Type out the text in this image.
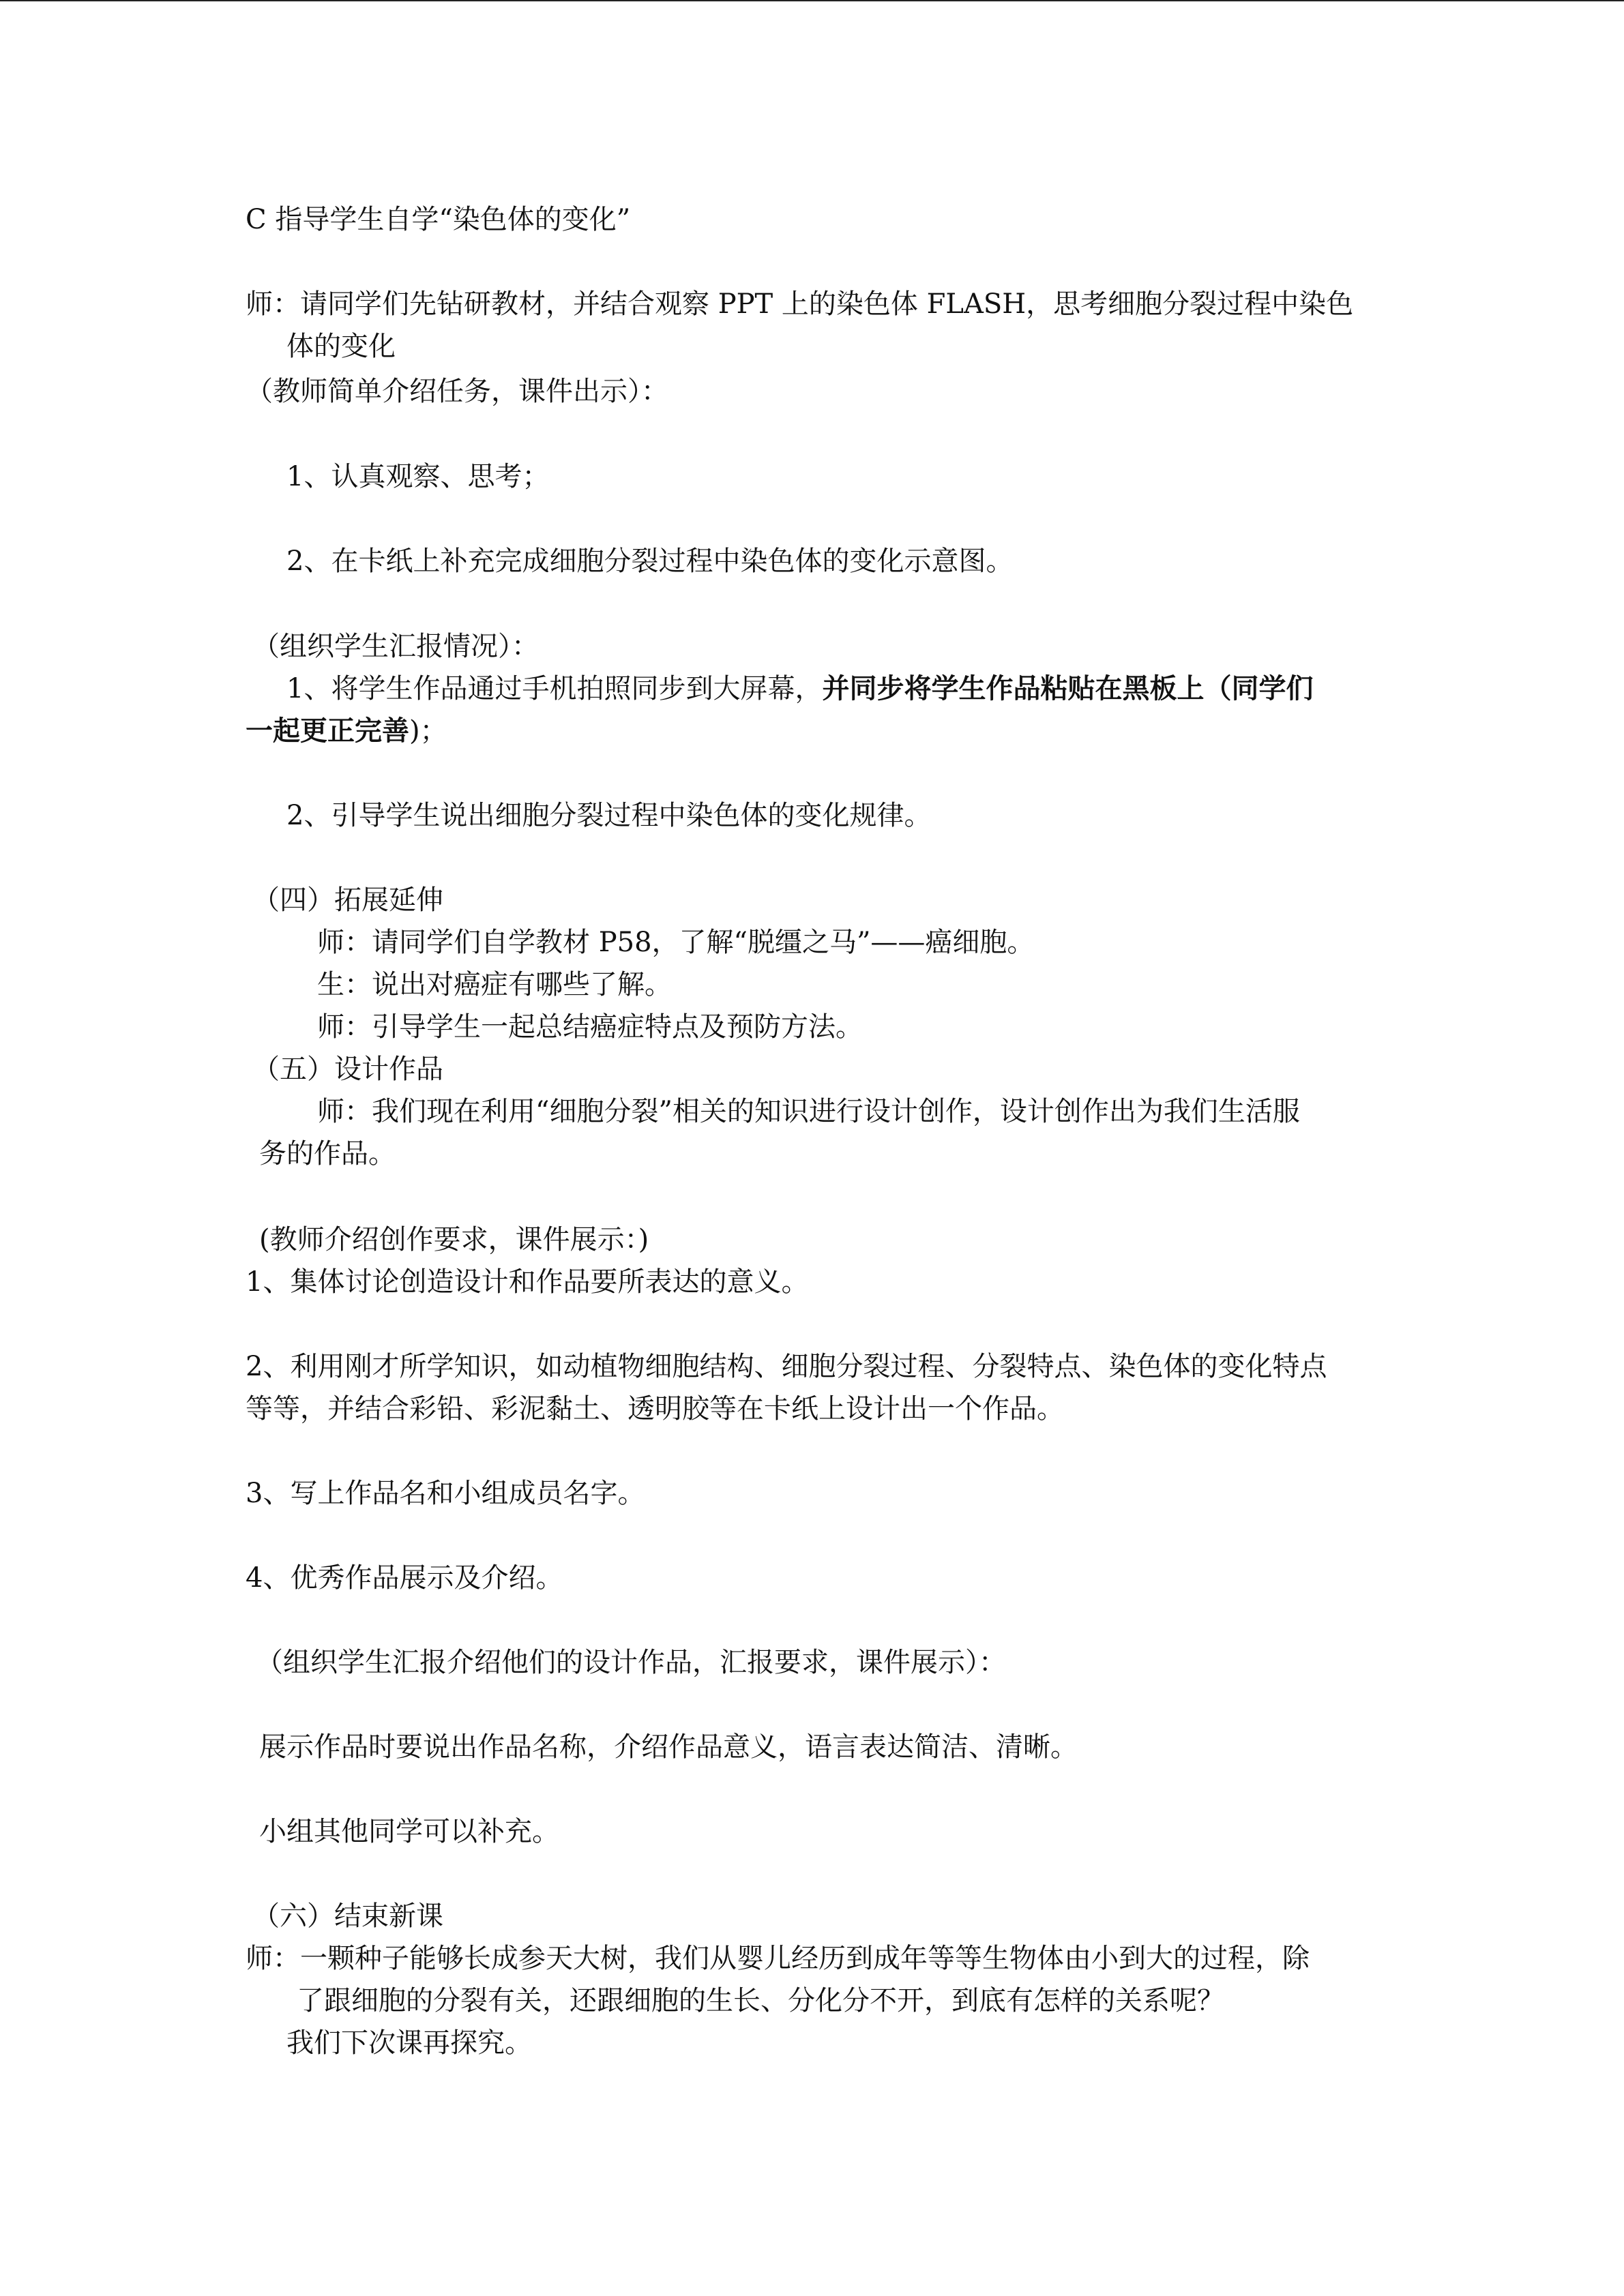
C 指导学生自学“染色体的变化”
师：请同学们先钻研教材，并结合观察 PPT 上的染色体 FLASH，思考细胞分裂过程中染色
体的变化
（教师简单介绍任务，课件出示）：
1、认真观察、思考；
2、在卡纸上补充完成细胞分裂过程中染色体的变化示意图。
（组织学生汇报情况）：
1、将学生作品通过手机拍照同步到大屏幕，并同步将学生作品粘贴在黑板上（同学们
一起更正完善)；
2、引导学生说出细胞分裂过程中染色体的变化规律。
（四）拓展延伸
师：请同学们自学教材 P58，了解“脱缰之马”——癌细胞。
生：说出对癌症有哪些了解。
师：引导学生一起总结癌症特点及预防方法。
（五）设计作品
师：我们现在利用“细胞分裂”相关的知识进行设计创作，设计创作出为我们生活服
务的作品。
(教师介绍创作要求，课件展示：)
1、集体讨论创造设计和作品要所表达的意义。
2、利用刚才所学知识，如动植物细胞结构、细胞分裂过程、分裂特点、染色体的变化特点
等等，并结合彩铅、彩泥黏土、透明胶等在卡纸上设计出一个作品。
3、写上作品名和小组成员名字。
4、优秀作品展示及介绍。
（组织学生汇报介绍他们的设计作品，汇报要求，课件展示）：
展示作品时要说出作品名称，介绍作品意义，语言表达简洁、清晰。
小组其他同学可以补充。
（六）结束新课
师：一颗种子能够长成参天大树，我们从婴儿经历到成年等等生物体由小到大的过程，除
了跟细胞的分裂有关，还跟细胞的生长、分化分不开，到底有怎样的关系呢？
我们下次课再探究。
